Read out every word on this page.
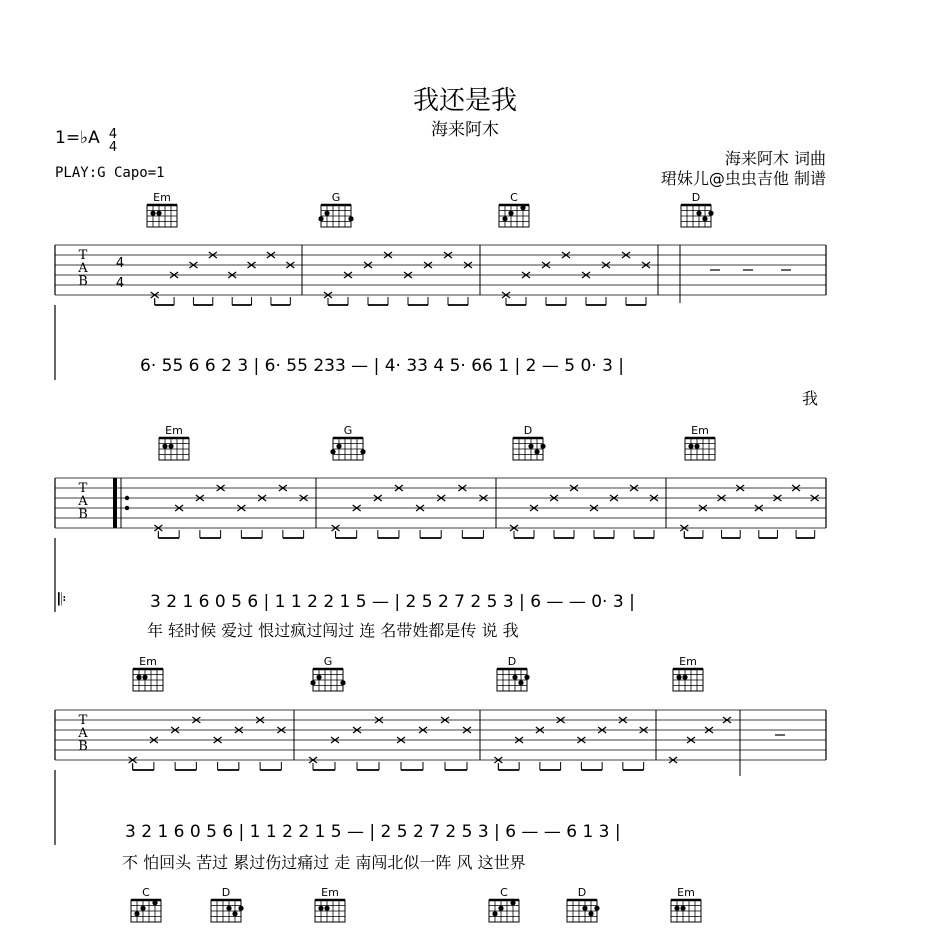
我还是我
海来阿木
1=♭A 4
4
PLAY:G Capo=1
海来阿木 词曲
珺妹儿@虫虫吉他 制谱
T
A
B
4
4
T
A
B
T
A
B
Em	G	C	D
6· 55 6 6 2 3 | 6· 55 233 — | 4· 33 4 5· 66 1 | 2 — 5 0· 3 |
我
Em	G	D	Em
𝄆	3 2 1 6 0 5 6 | 1 1 2 2 1 5 — | 2 5 2 7 2 5 3 | 6 — — 0· 3 |
年 轻时候 爱过 恨过疯过闯过 连 名带姓都是传 说 我
Em	G	D	Em
3 2 1 6 0 5 6 | 1 1 2 2 1 5 — | 2 5 2 7 2 5 3 | 6 — — 6 1 3 |
不 怕回头 苦过 累过伤过痛过 走 南闯北似一阵 风 这世界
C	D	Em	C	D	Em
